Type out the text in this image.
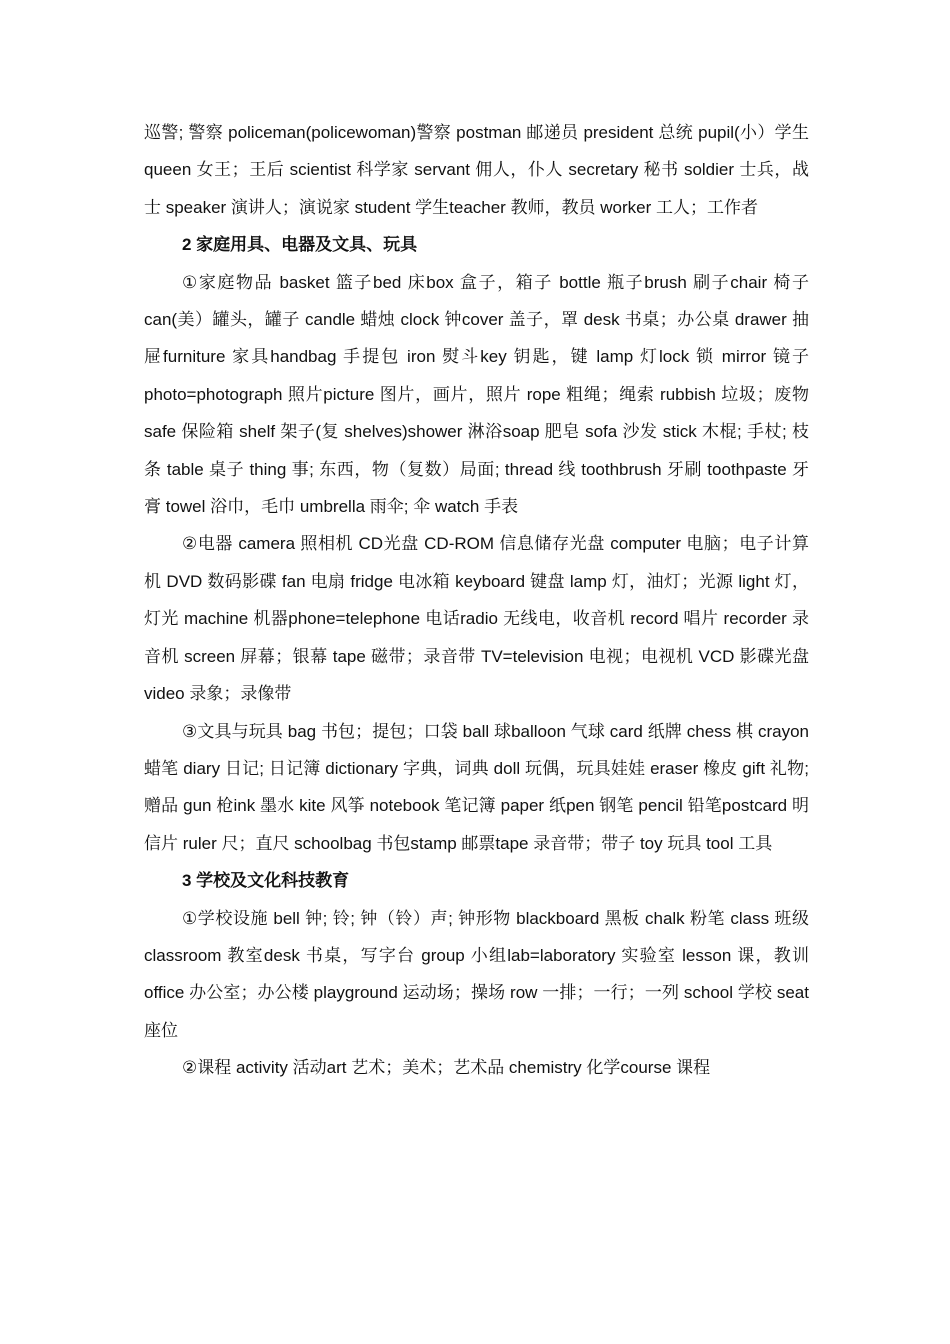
巡警; 警察 policeman(policewoman)警察 postman 邮递员 president 总统 pupil(小）学生 queen 女王；王后 scientist 科学家 servant 佣人，仆人 secretary 秘书 soldier 士兵，战士 speaker 演讲人；演说家 student 学生teacher 教师，教员 worker 工人；工作者

2 家庭用具、电器及文具、玩具

①家庭物品 basket 篮子bed 床box 盒子，箱子 bottle 瓶子brush 刷子chair 椅子 can(美）罐头，罐子 candle 蜡烛 clock 钟cover 盖子，罩 desk 书桌；办公桌 drawer 抽屉furniture 家具handbag 手提包 iron 熨斗key 钥匙，键 lamp 灯lock 锁 mirror 镜子photo=photograph 照片picture 图片，画片，照片 rope 粗绳；绳索 rubbish 垃圾；废物 safe 保险箱 shelf 架子(复 shelves)shower 淋浴soap 肥皂 sofa 沙发 stick 木棍; 手杖; 枝条 table 桌子 thing 事; 东西，物（复数）局面; thread 线 toothbrush 牙刷 toothpaste 牙膏 towel 浴巾，毛巾 umbrella 雨伞; 伞 watch 手表

②电器 camera 照相机 CD光盘 CD-ROM 信息储存光盘 computer 电脑；电子计算机 DVD 数码影碟 fan 电扇 fridge 电冰箱 keyboard 键盘 lamp 灯，油灯；光源 light 灯，灯光 machine 机器phone=telephone 电话radio 无线电，收音机 record 唱片 recorder 录音机 screen 屏幕；银幕 tape 磁带；录音带 TV=television 电视；电视机 VCD 影碟光盘 video 录象；录像带

③文具与玩具 bag 书包；提包；口袋 ball 球balloon 气球 card 纸牌 chess 棋 crayon 蜡笔 diary 日记; 日记簿 dictionary 字典，词典 doll 玩偶，玩具娃娃 eraser 橡皮 gift 礼物; 赠品 gun 枪ink 墨水 kite 风筝 notebook 笔记簿 paper 纸pen 钢笔 pencil 铅笔postcard 明信片 ruler 尺；直尺 schoolbag 书包stamp 邮票tape 录音带；带子 toy 玩具 tool 工具

3 学校及文化科技教育

①学校设施 bell 钟; 铃; 钟（铃）声; 钟形物 blackboard 黑板 chalk 粉笔 class 班级 classroom 教室desk 书桌，写字台 group 小组lab=laboratory 实验室 lesson 课，教训 office 办公室；办公楼 playground 运动场；操场 row 一排；一行；一列 school 学校 seat 座位

②课程 activity 活动art 艺术；美术；艺术品 chemistry 化学course 课程
